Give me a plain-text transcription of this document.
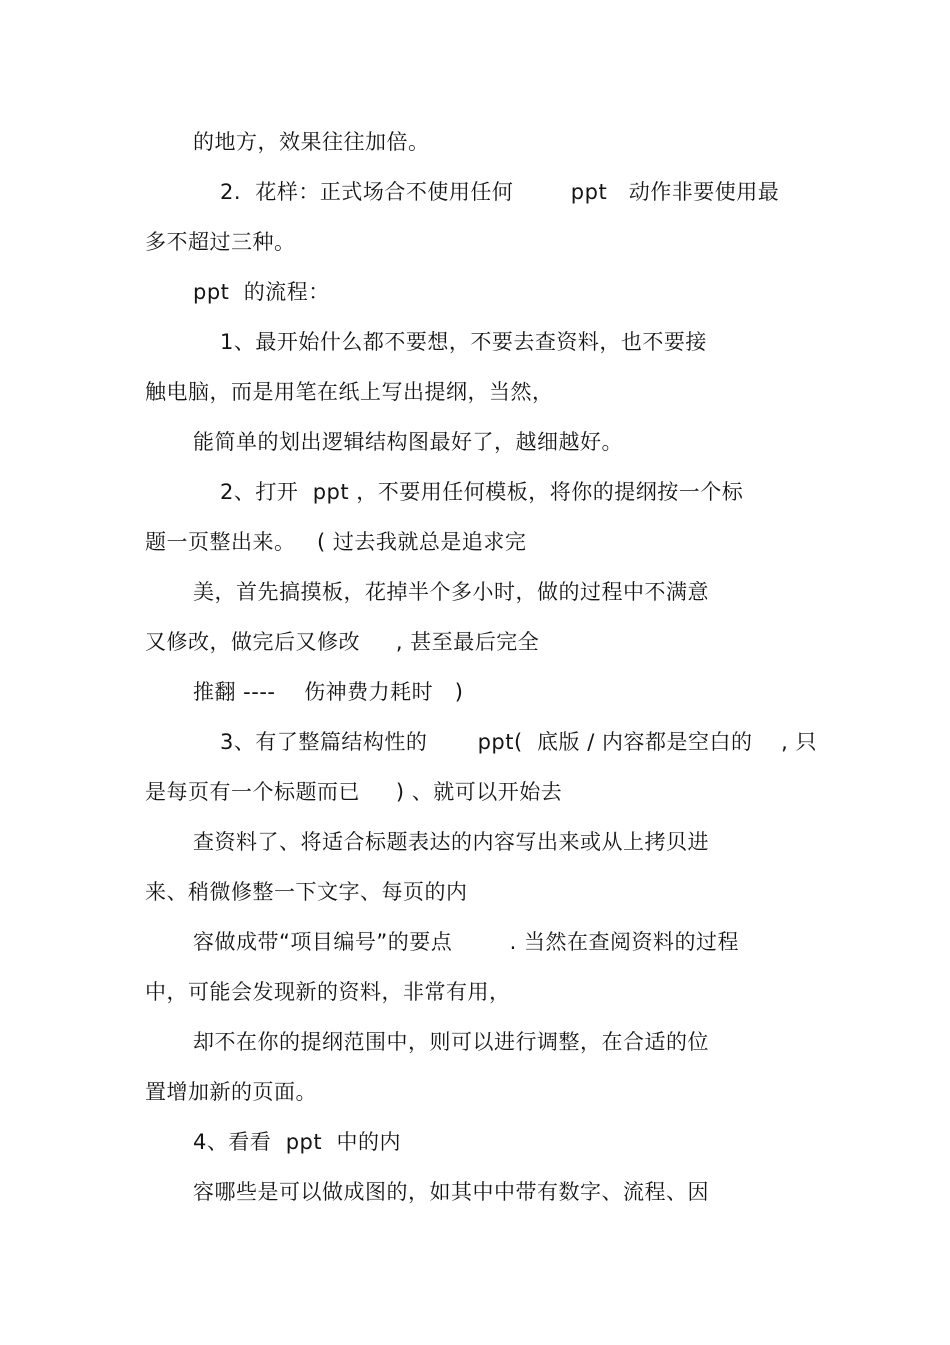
的地方，效果往往加倍。
2.  花样：正式场合不使用任何        ppt   动作非要使用最
多不超过三种。
ppt  的流程：
1、最开始什么都不要想，不要去查资料，也不要接
触电脑，而是用笔在纸上写出提纲，当然，
能简单的划出逻辑结构图最好了，越细越好。
2、打开  ppt ，不要用任何模板，将你的提纲按一个标
题一页整出来。   ( 过去我就总是追求完
美，首先搞摸板，花掉半个多小时，做的过程中不满意
又修改，做完后又修改     , 甚至最后完全
推翻 ----    伤神费力耗时   )
3、有了整篇结构性的       ppt(  底版 / 内容都是空白的    , 只
是每页有一个标题而已     ) 、就可以开始去
查资料了、将适合标题表达的内容写出来或从上拷贝进
来、稍微修整一下文字、每页的内
容做成带“项目编号”的要点        . 当然在查阅资料的过程
中，可能会发现新的资料，非常有用，
却不在你的提纲范围中，则可以进行调整，在合适的位
置增加新的页面。
4、看看  ppt  中的内
容哪些是可以做成图的，如其中中带有数字、流程、因
